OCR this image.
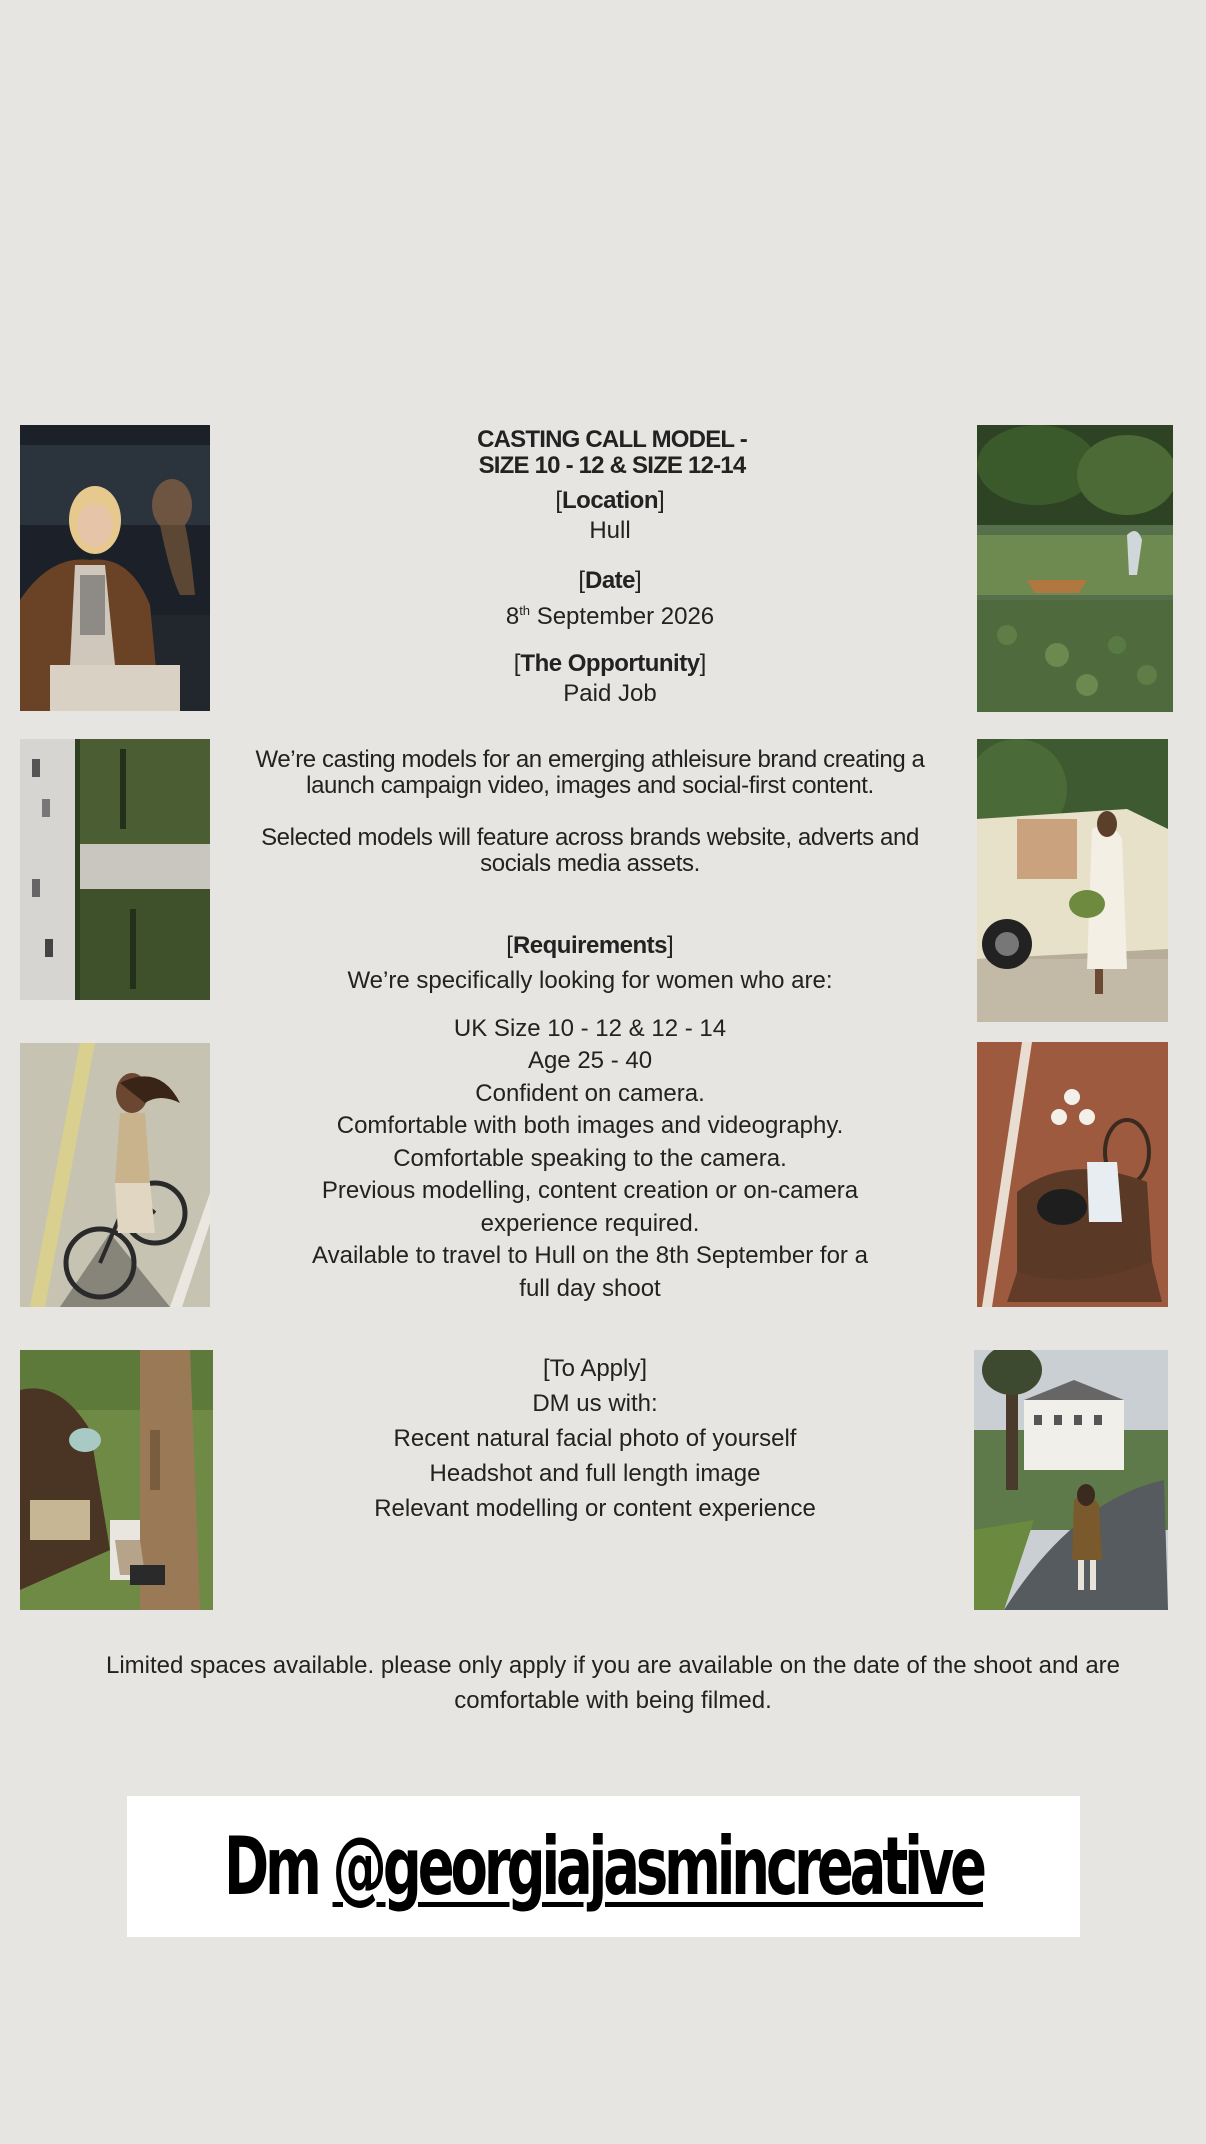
CASTING CALL MODEL -

SIZE 10 - 12 & SIZE 12-14

[Location]

Hull

[Date]

8th September 2026

[The Opportunity]

Paid Job

We’re casting models for an emerging athleisure brand creating a

launch campaign video, images and social-first content.

Selected models will feature across brands website, adverts and

socials media assets.

[Requirements]

We’re specifically looking for women who are:

UK Size 10 - 12 & 12 - 14

Age 25 - 40

Confident on camera.

Comfortable with both images and videography.

Comfortable speaking to the camera.

Previous modelling, content creation or on-camera

experience required.

Available to travel to Hull on the 8th September for a

full day shoot

[To Apply]

DM us with:

Recent natural facial photo of yourself

Headshot and full length image

Relevant modelling or content experience

Limited spaces available. please only apply if you are available on the date of the shoot and are
comfortable with being filmed.
Dm @georgiajasmincreative
